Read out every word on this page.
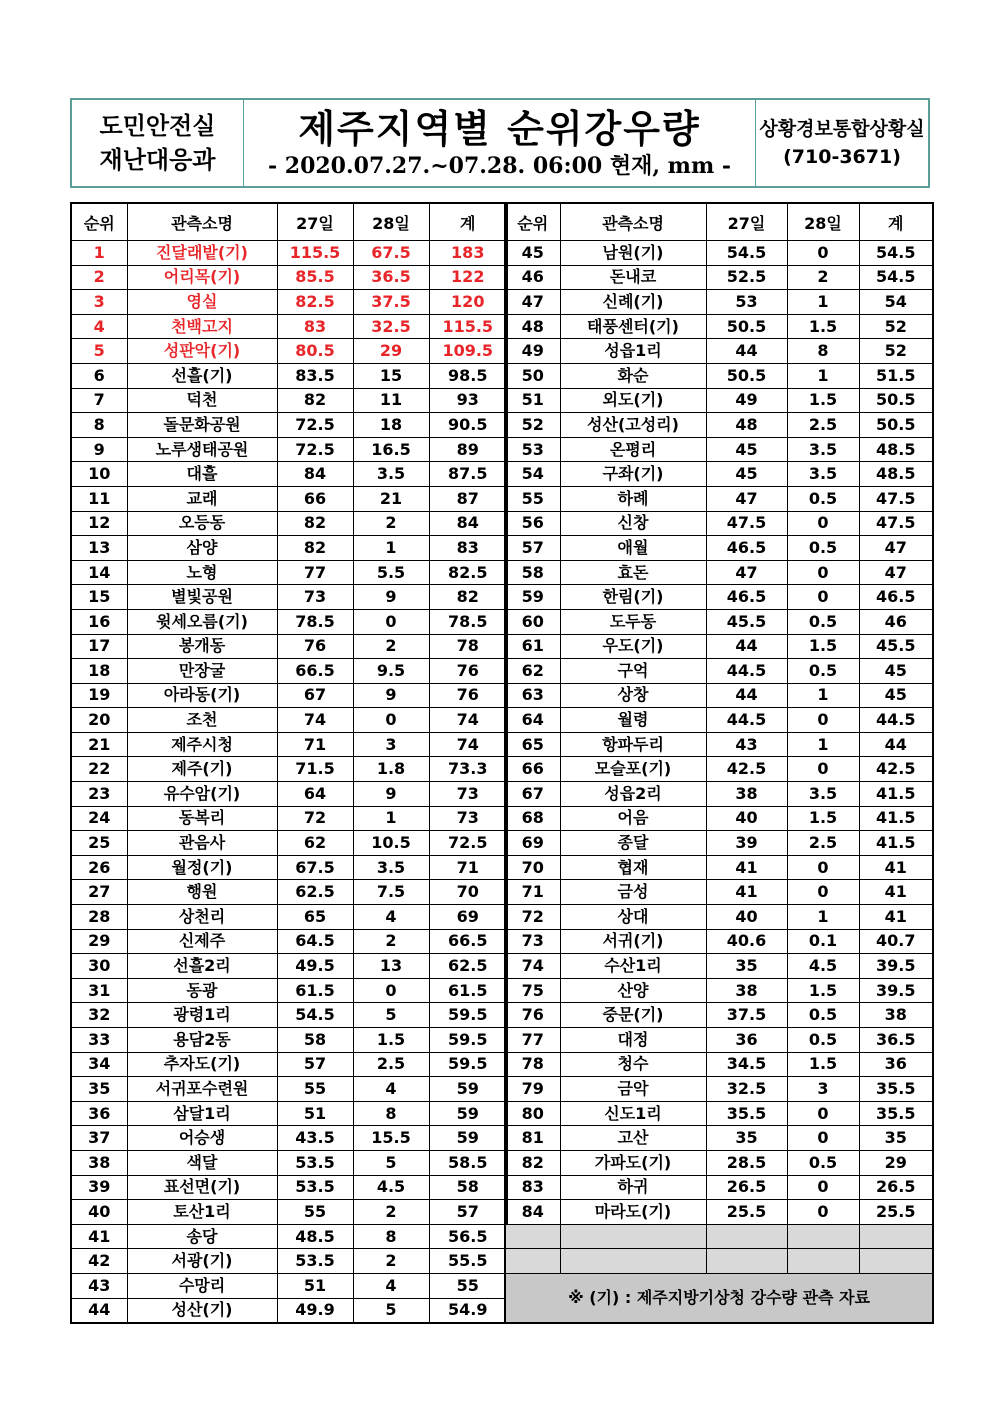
도민안전실
재난대응과
제주지역별 순위강우량
- 2020.07.27.~07.28. 06:00 현재, mm -
상황경보통합상황실
(710-3671)
순위	관측소명	27일	28일	계
1	진달래밭(기)	115.5	67.5	183
2	어리목(기)	85.5	36.5	122
3	영실	82.5	37.5	120
4	천백고지	83	32.5	115.5
5	성판악(기)	80.5	29	109.5
6	선흘(기)	83.5	15	98.5
7	덕천	82	11	93
8	돌문화공원	72.5	18	90.5
9	노루생태공원	72.5	16.5	89
10	대흘	84	3.5	87.5
11	교래	66	21	87
12	오등동	82	2	84
13	삼양	82	1	83
14	노형	77	5.5	82.5
15	별빛공원	73	9	82
16	윗세오름(기)	78.5	0	78.5
17	봉개동	76	2	78
18	만장굴	66.5	9.5	76
19	아라동(기)	67	9	76
20	조천	74	0	74
21	제주시청	71	3	74
22	제주(기)	71.5	1.8	73.3
23	유수암(기)	64	9	73
24	동복리	72	1	73
25	관음사	62	10.5	72.5
26	월정(기)	67.5	3.5	71
27	행원	62.5	7.5	70
28	상천리	65	4	69
29	신제주	64.5	2	66.5
30	선흘2리	49.5	13	62.5
31	동광	61.5	0	61.5
32	광령1리	54.5	5	59.5
33	용담2동	58	1.5	59.5
34	추자도(기)	57	2.5	59.5
35	서귀포수련원	55	4	59
36	삼달1리	51	8	59
37	어승생	43.5	15.5	59
38	색달	53.5	5	58.5
39	표선면(기)	53.5	4.5	58
40	토산1리	55	2	57
41	송당	48.5	8	56.5
42	서광(기)	53.5	2	55.5
43	수망리	51	4	55
44	성산(기)	49.9	5	54.9
순위	관측소명	27일	28일	계
45	남원(기)	54.5	0	54.5
46	돈내코	52.5	2	54.5
47	신례(기)	53	1	54
48	태풍센터(기)	50.5	1.5	52
49	성읍1리	44	8	52
50	화순	50.5	1	51.5
51	외도(기)	49	1.5	50.5
52	성산(고성리)	48	2.5	50.5
53	온평리	45	3.5	48.5
54	구좌(기)	45	3.5	48.5
55	하례	47	0.5	47.5
56	신창	47.5	0	47.5
57	애월	46.5	0.5	47
58	효돈	47	0	47
59	한림(기)	46.5	0	46.5
60	도두동	45.5	0.5	46
61	우도(기)	44	1.5	45.5
62	구억	44.5	0.5	45
63	상창	44	1	45
64	월령	44.5	0	44.5
65	항파두리	43	1	44
66	모슬포(기)	42.5	0	42.5
67	성읍2리	38	3.5	41.5
68	어음	40	1.5	41.5
69	종달	39	2.5	41.5
70	협재	41	0	41
71	금성	41	0	41
72	상대	40	1	41
73	서귀(기)	40.6	0.1	40.7
74	수산1리	35	4.5	39.5
75	산양	38	1.5	39.5
76	중문(기)	37.5	0.5	38
77	대정	36	0.5	36.5
78	청수	34.5	1.5	36
79	금악	32.5	3	35.5
80	신도1리	35.5	0	35.5
81	고산	35	0	35
82	가파도(기)	28.5	0.5	29
83	하귀	26.5	0	26.5
84	마라도(기)	25.5	0	25.5

※ (기) : 제주지방기상청 강수량 관측 자료				
